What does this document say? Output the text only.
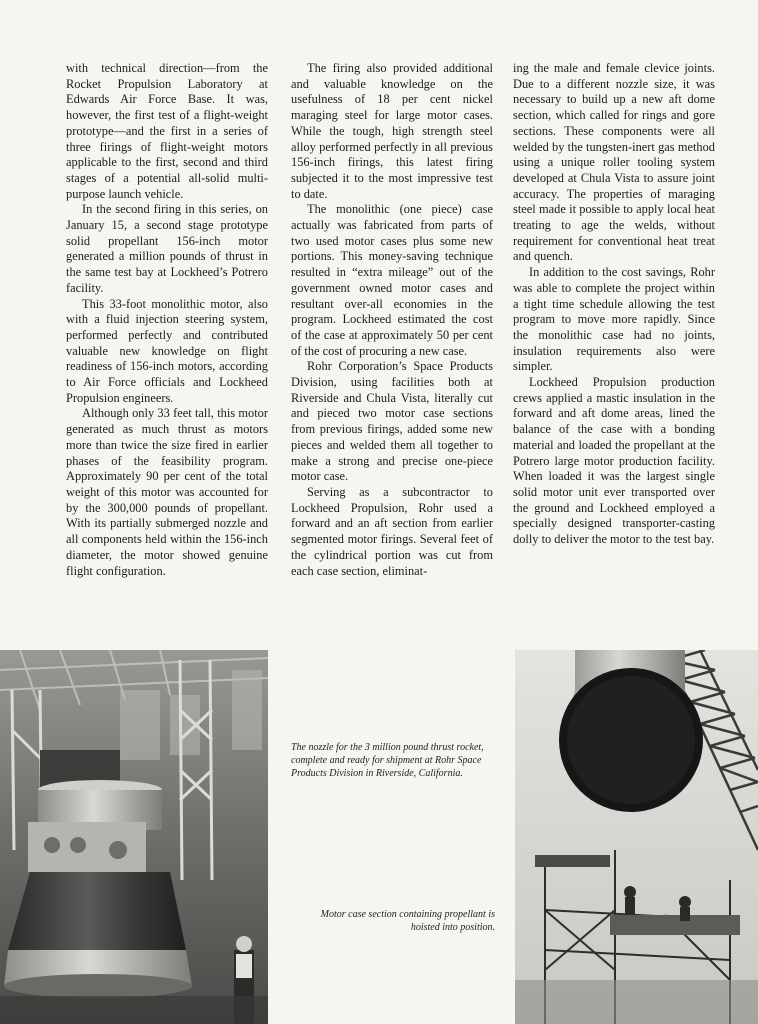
with technical direction—from the Rocket Propulsion Laboratory at Edwards Air Force Base. It was, however, the first test of a flight-weight prototype—and the first in a series of three firings of flight-weight motors applicable to the first, second and third stages of a potential all-solid multi-purpose launch vehicle.

In the second firing in this series, on January 15, a second stage prototype solid propellant 156-inch motor generated a million pounds of thrust in the same test bay at Lockheed’s Potrero facility.

This 33-foot monolithic motor, also with a fluid injection steering system, performed perfectly and contributed valuable new knowledge on flight readiness of 156-inch motors, according to Air Force officials and Lockheed Propulsion engineers.

Although only 33 feet tall, this motor generated as much thrust as motors more than twice the size fired in earlier phases of the feasibility program. Approximately 90 per cent of the total weight of this motor was accounted for by the 300,000 pounds of propellant. With its partially submerged nozzle and all components held within the 156-inch diameter, the motor showed genuine flight configuration.

The firing also provided additional and valuable knowledge on the usefulness of 18 per cent nickel maraging steel for large motor cases. While the tough, high strength steel alloy performed perfectly in all previous 156-inch firings, this latest firing subjected it to the most impressive test to date.

The monolithic (one piece) case actually was fabricated from parts of two used motor cases plus some new portions. This money-saving technique resulted in “extra mileage” out of the government owned motor cases and resultant over-all economies in the program. Lockheed estimated the cost of the case at approximately 50 per cent of the cost of procuring a new case.

Rohr Corporation’s Space Products Division, using facilities both at Riverside and Chula Vista, literally cut and pieced two motor case sections from previous firings, added some new pieces and welded them all together to make a strong and precise one-piece motor case.

Serving as a subcontractor to Lockheed Propulsion, Rohr used a forward and an aft section from earlier segmented motor firings. Several feet of the cylindrical portion was cut from each case section, eliminat-

ing the male and female clevice joints. Due to a different nozzle size, it was necessary to build up a new aft dome section, which called for rings and gore sections. These components were all welded by the tungsten-inert gas method using a unique roller tooling system developed at Chula Vista to assure joint accuracy. The properties of maraging steel made it possible to apply local heat treating to age the welds, without requirement for conventional heat treat and quench.

In addition to the cost savings, Rohr was able to complete the project within a tight time schedule allowing the test program to move more rapidly. Since the monolithic case had no joints, insulation requirements also were simpler.

Lockheed Propulsion production crews applied a mastic insulation in the forward and aft dome areas, lined the balance of the case with a bonding material and loaded the propellant at the Potrero large motor production facility. When loaded it was the largest single solid motor unit ever transported over the ground and Lockheed employed a specially designed transporter-casting dolly to deliver the motor to the test bay.

The nozzle for the 3 million pound thrust rocket, complete and ready for shipment at Rohr Space Products Division in Riverside, California.
Motor case section containing propellant is hoisted into position.
